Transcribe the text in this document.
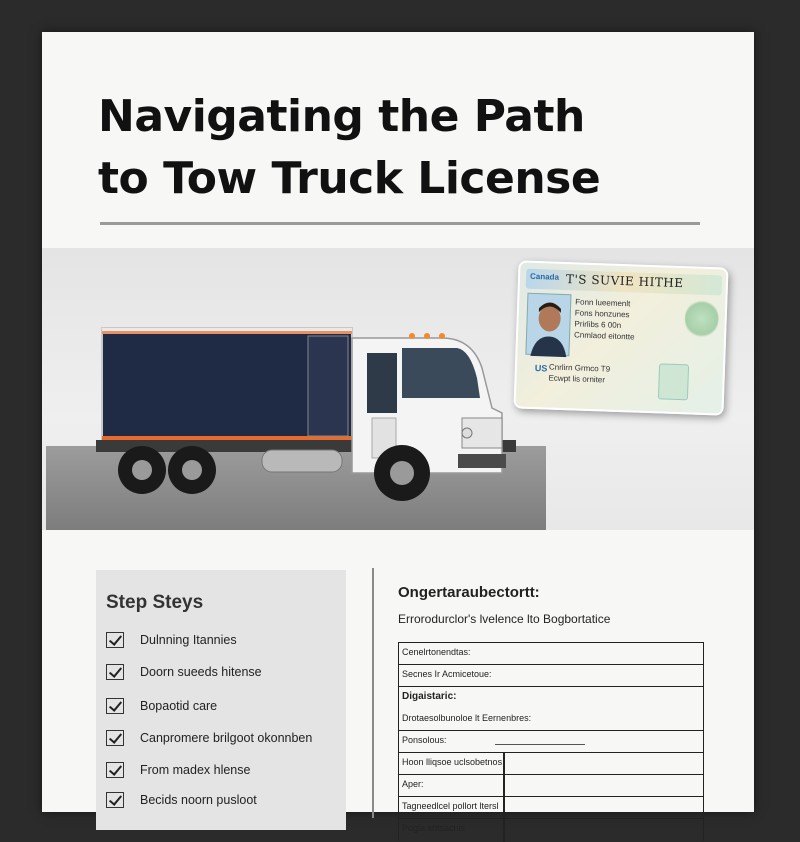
Navigating the Path
to Tow Truck License
Canada T'S SUVIE HITHE
Fonn lueemenlt
Fons honzunes
Prirlibs 6 00n
Cnmlaod eitontte
US Cnrlirn Grmco T9
Ecwpt lis orniter
Step Steys
Dulnning Itannies
Doorn sueeds hitense
Bopaotid care
Canpromere brilgoot okonnben
From madex hlense
Becids noorn pusloot
Ongertaraubectortt:
Errorodurclor's lvelence lto Bogbortatice
Cenelrtonendtas:
Secnes Ir Acmicetoue:
Digaistaric:
Drotaesolbunoloe lt Eernenbres:
Ponsolous:
Hoon lliqsoe uclsobetnos
Aper:
Tagneedlcel pollort ltersl
Pogia sntsacnis
